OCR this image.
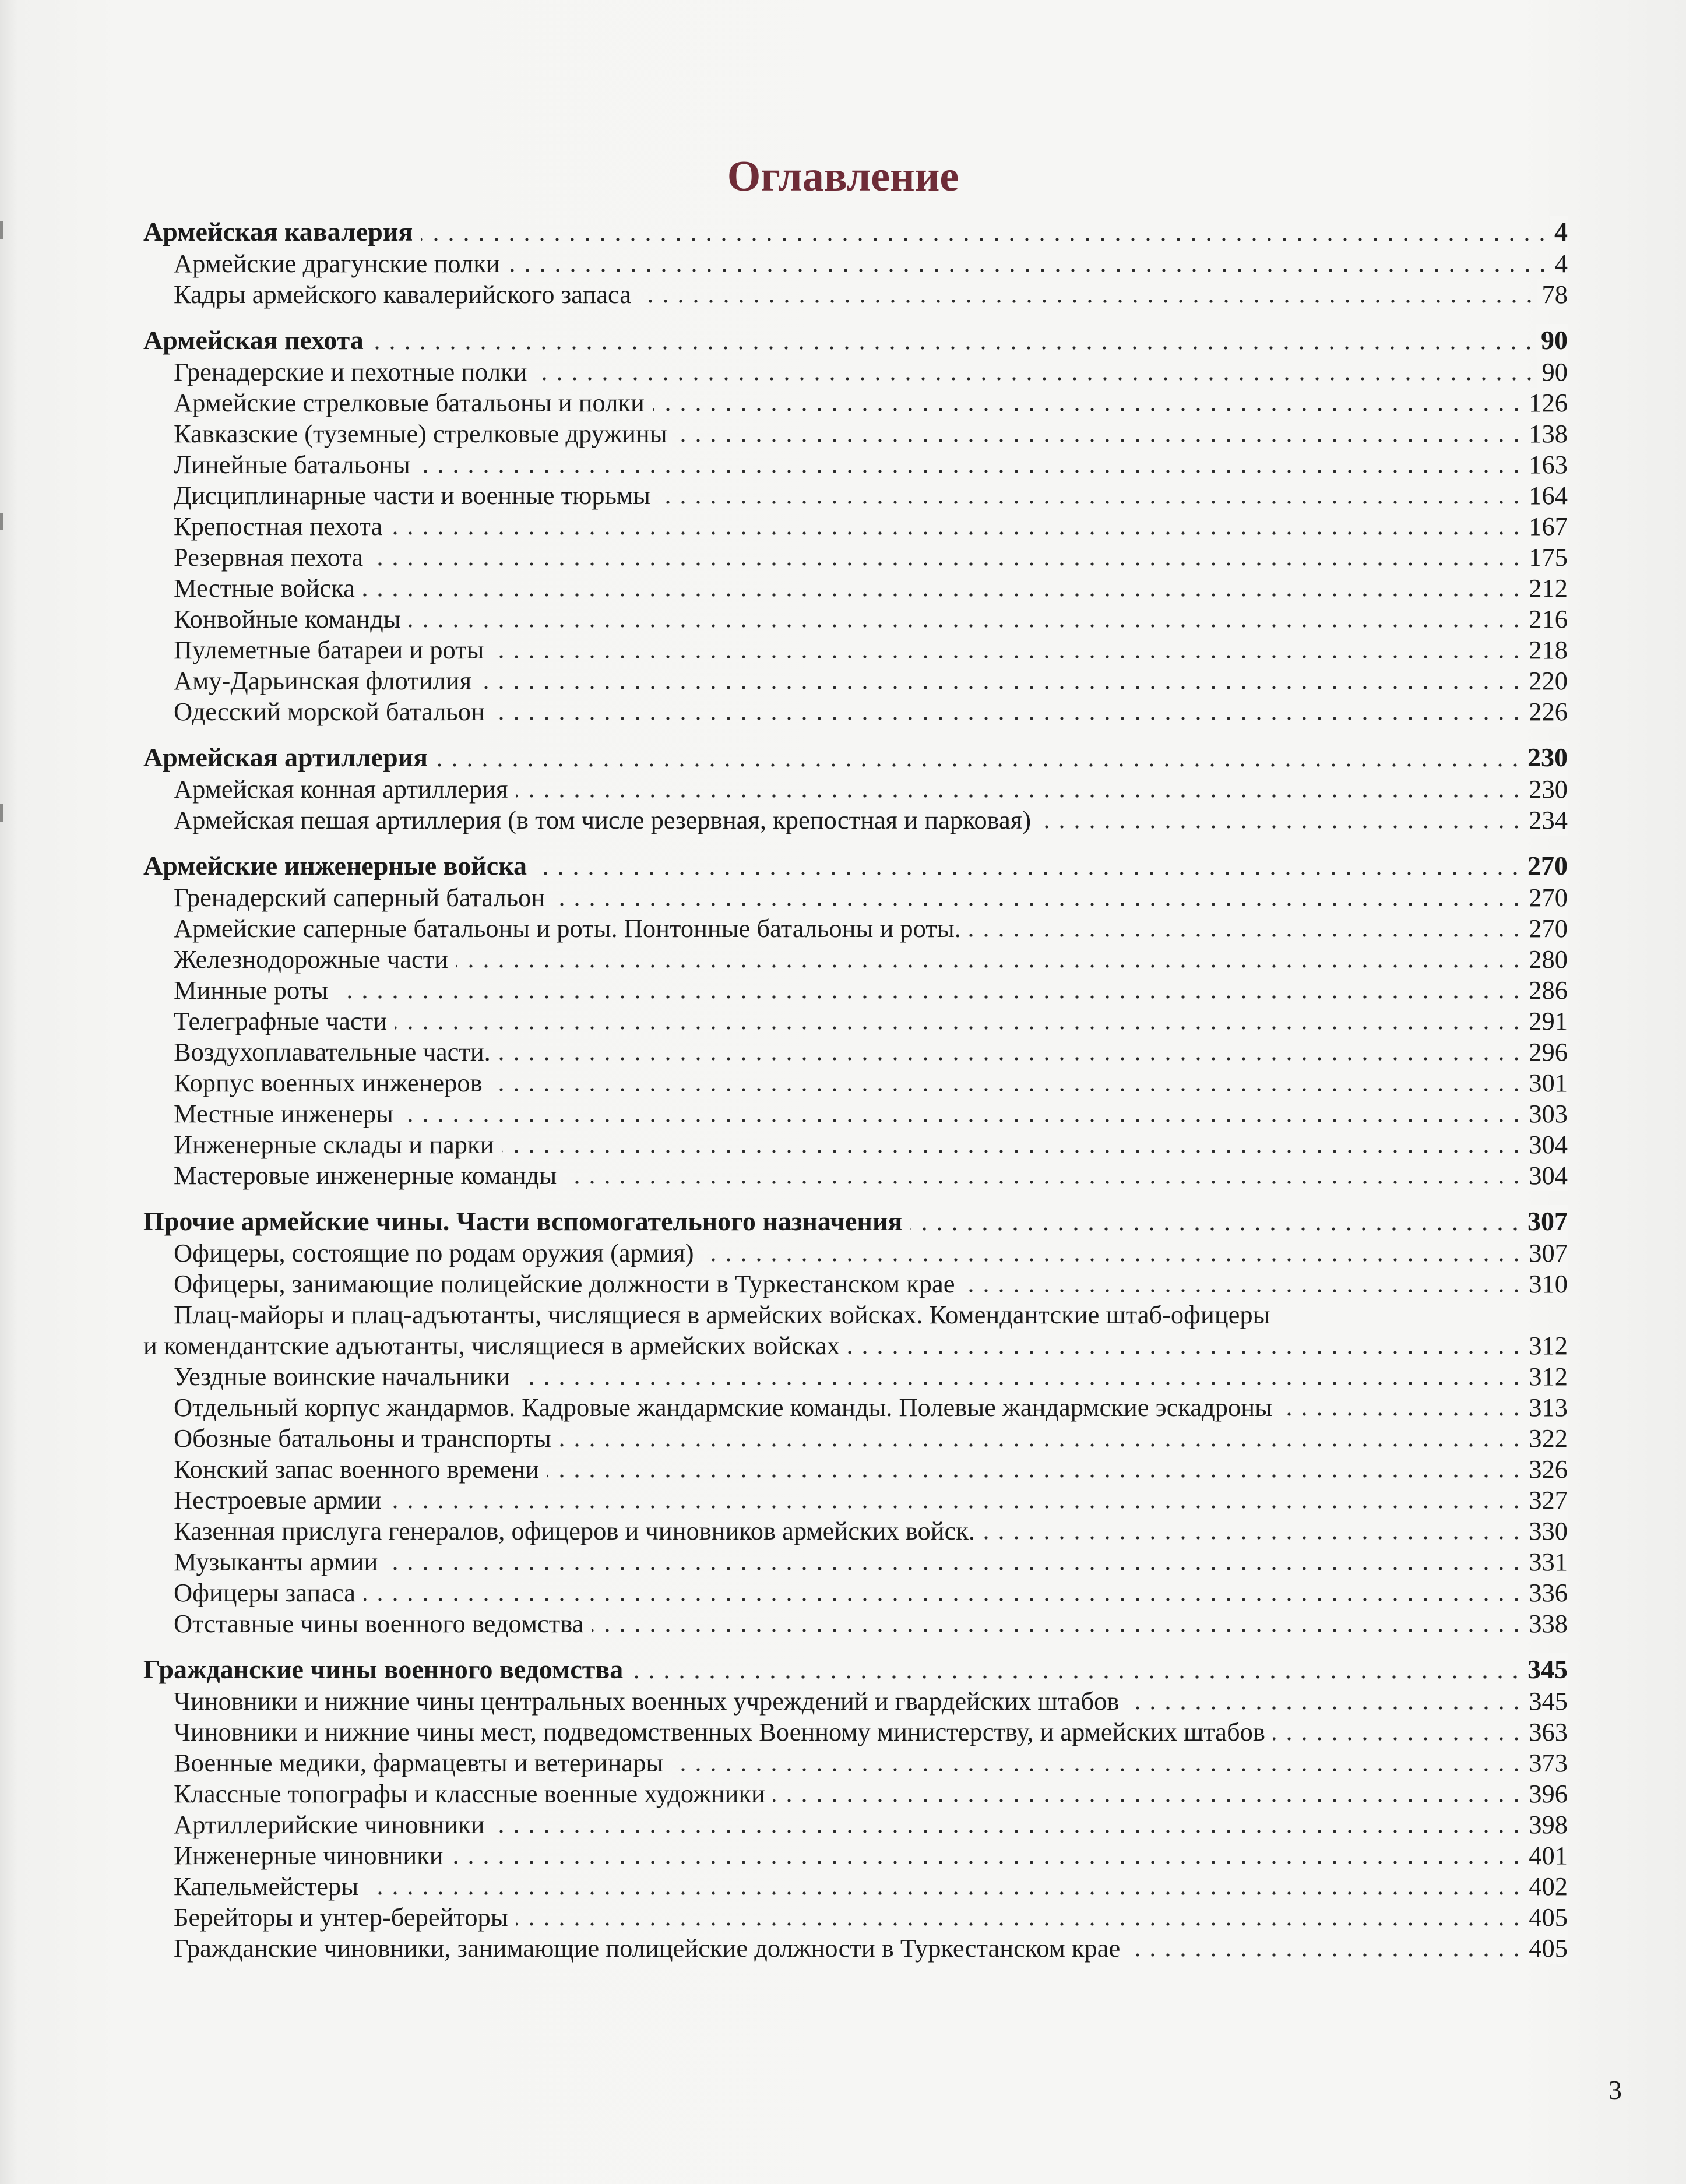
Оглавление
Армейская кавалерия	4
Армейские драгунские полки	4
Кадры армейского кавалерийского запаса	78
Армейская пехота	90
Гренадерские и пехотные полки	90
Армейские стрелковые батальоны и полки	126
Кавказские (туземные) стрелковые дружины	138
Линейные батальоны	163
Дисциплинарные части и военные тюрьмы	164
Крепостная пехота	167
Резервная пехота	175
Местные войска	212
Конвойные команды	216
Пулеметные батареи и роты	218
Аму-Дарьинская флотилия	220
Одесский морской батальон	226
Армейская артиллерия	230
Армейская конная артиллерия	230
Армейская пешая артиллерия (в том числе резервная, крепостная и парковая)	234
Армейские инженерные войска	270
Гренадерский саперный батальон	270
Армейские саперные батальоны и роты. Понтонные батальоны и роты.	270
Железнодорожные части	280
Минные роты	286
Телеграфные части	291
Воздухоплавательные части.	296
Корпус военных инженеров	301
Местные инженеры	303
Инженерные склады и парки	304
Мастеровые инженерные команды	304
Прочие армейские чины. Части вспомогательного назначения	307
Офицеры, состоящие по родам оружия (армия)	307
Офицеры, занимающие полицейские должности в Туркестанском крае	310
Плац-майоры и плац-адъютанты, числящиеся в армейских войсках. Комендантские штаб-офицеры
и комендантские адъютанты, числящиеся в армейских войсках	312
Уездные воинские начальники	312
Отдельный корпус жандармов. Кадровые жандармские команды. Полевые жандармские эскадроны	313
Обозные батальоны и транспорты	322
Конский запас военного времени	326
Нестроевые армии	327
Казенная прислуга генералов, офицеров и чиновников армейских войск.	330
Музыканты армии	331
Офицеры запаса	336
Отставные чины военного ведомства	338
Гражданские чины военного ведомства	345
Чиновники и нижние чины центральных военных учреждений и гвардейских штабов	345
Чиновники и нижние чины мест, подведомственных Военному министерству, и армейских штабов	363
Военные медики, фармацевты и ветеринары	373
Классные топографы и классные военные художники	396
Артиллерийские чиновники	398
Инженерные чиновники	401
Капельмейстеры	402
Берейторы и унтер-берейторы	405
Гражданские чиновники, занимающие полицейские должности в Туркестанском крае	405
3
